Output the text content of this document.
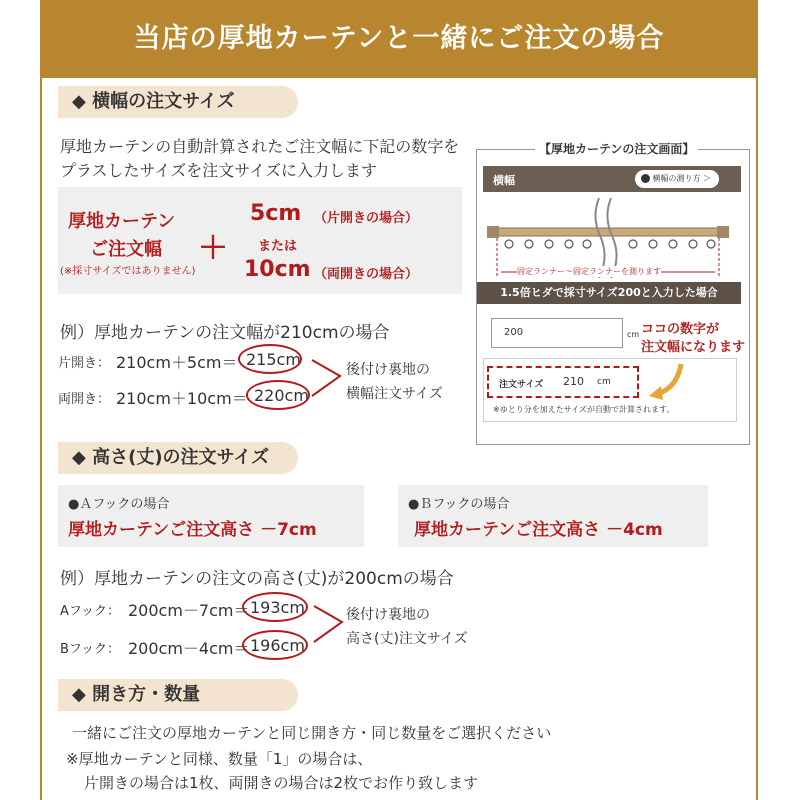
当店の厚地カーテンと一緒にご注文の場合
◆ 横幅の注文サイズ
厚地カーテンの自動計算されたご注文幅に下記の数字を
プラスしたサイズを注文サイズに入力します
厚地カーテン
ご注文幅
(※採寸サイズではありません)
＋
5cm （片開きの場合）
または
10cm （両開きの場合）
例）厚地カーテンの注文幅が210cmの場合
片開き： 210cm＋5cm＝ 215cm
両開き： 210cm＋10cm＝ 220cm
後付け裏地の
横幅注文サイズ
【厚地カーテンの注文画面】
横幅	横幅の測り方 ＞
固定ランナー～固定ランナーを測ります
1.5倍ヒダで採寸サイズ200と入力した場合
200	cm ココの数字が
注文幅になります
注文サイズ 210 cm
※ゆとり分を加えたサイズが自動で計算されます。
◆ 高さ(丈)の注文サイズ
●Ａフックの場合
厚地カーテンご注文高さ －7cm
●Ｂフックの場合
厚地カーテンご注文高さ －4cm
例）厚地カーテンの注文の高さ(丈)が200cmの場合
Aフック： 200cm－7cm＝ 193cm
Bフック： 200cm－4cm＝ 196cm
後付け裏地の
高さ(丈)注文サイズ
◆ 開き方・数量
一緒にご注文の厚地カーテンと同じ開き方・同じ数量をご選択ください
※厚地カーテンと同様、数量「1」の場合は、
片開きの場合は1枚、両開きの場合は2枚でお作り致します
